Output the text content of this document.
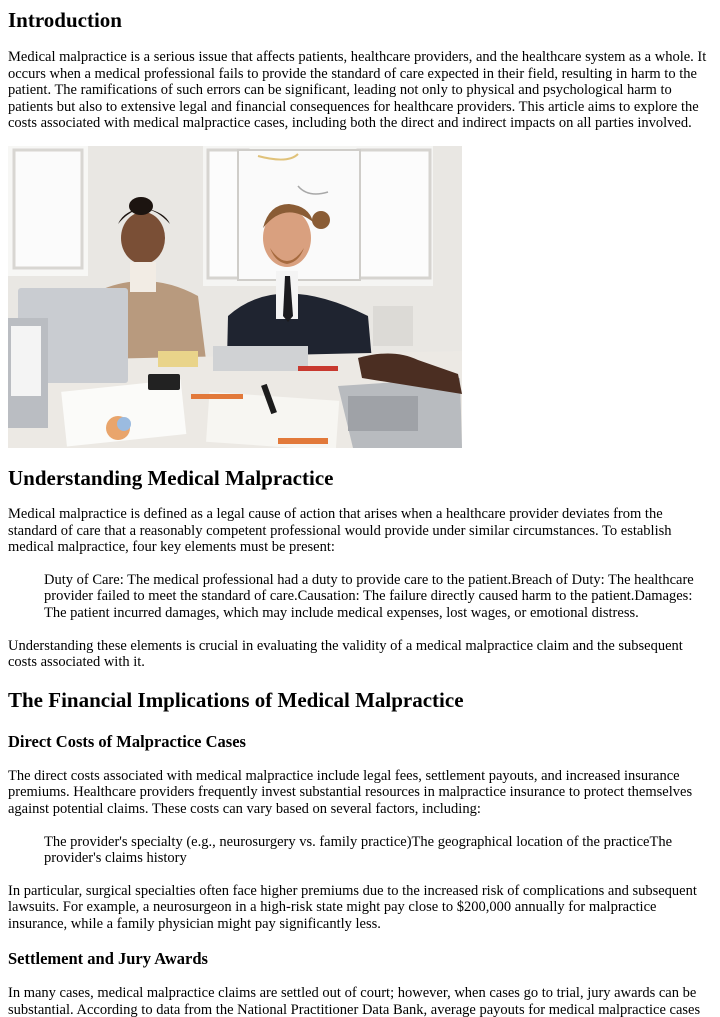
Introduction

Medical malpractice is a serious issue that affects patients, healthcare providers, and the healthcare system as a whole. It occurs when a medical professional fails to provide the standard of care expected in their field, resulting in harm to the patient. The ramifications of such errors can be significant, leading not only to physical and psychological harm to patients but also to extensive legal and financial consequences for healthcare providers. This article aims to explore the costs associated with medical malpractice cases, including both the direct and indirect impacts on all parties involved.

Understanding Medical Malpractice

Medical malpractice is defined as a legal cause of action that arises when a healthcare provider deviates from the standard of care that a reasonably competent professional would provide under similar circumstances. To establish medical malpractice, four key elements must be present:

Duty of Care: The medical professional had a duty to provide care to the patient.Breach of Duty: The healthcare provider failed to meet the standard of care.Causation: The failure directly caused harm to the patient.Damages: The patient incurred damages, which may include medical expenses, lost wages, or emotional distress.

Understanding these elements is crucial in evaluating the validity of a medical malpractice claim and the subsequent costs associated with it.

The Financial Implications of Medical Malpractice
Direct Costs of Malpractice Cases

The direct costs associated with medical malpractice include legal fees, settlement payouts, and increased insurance premiums. Healthcare providers frequently invest substantial resources in malpractice insurance to protect themselves against potential claims. These costs can vary based on several factors, including:

The provider's specialty (e.g., neurosurgery vs. family practice)The geographical location of the practiceThe provider's claims history

In particular, surgical specialties often face higher premiums due to the increased risk of complications and subsequent lawsuits. For example, a neurosurgeon in a high-risk state might pay close to $200,000 annually for malpractice insurance, while a family physician might pay significantly less.

Settlement and Jury Awards

In many cases, medical malpractice claims are settled out of court; however, when cases go to trial, jury awards can be substantial. According to data from the National Practitioner Data Bank, average payouts for medical malpractice cases
